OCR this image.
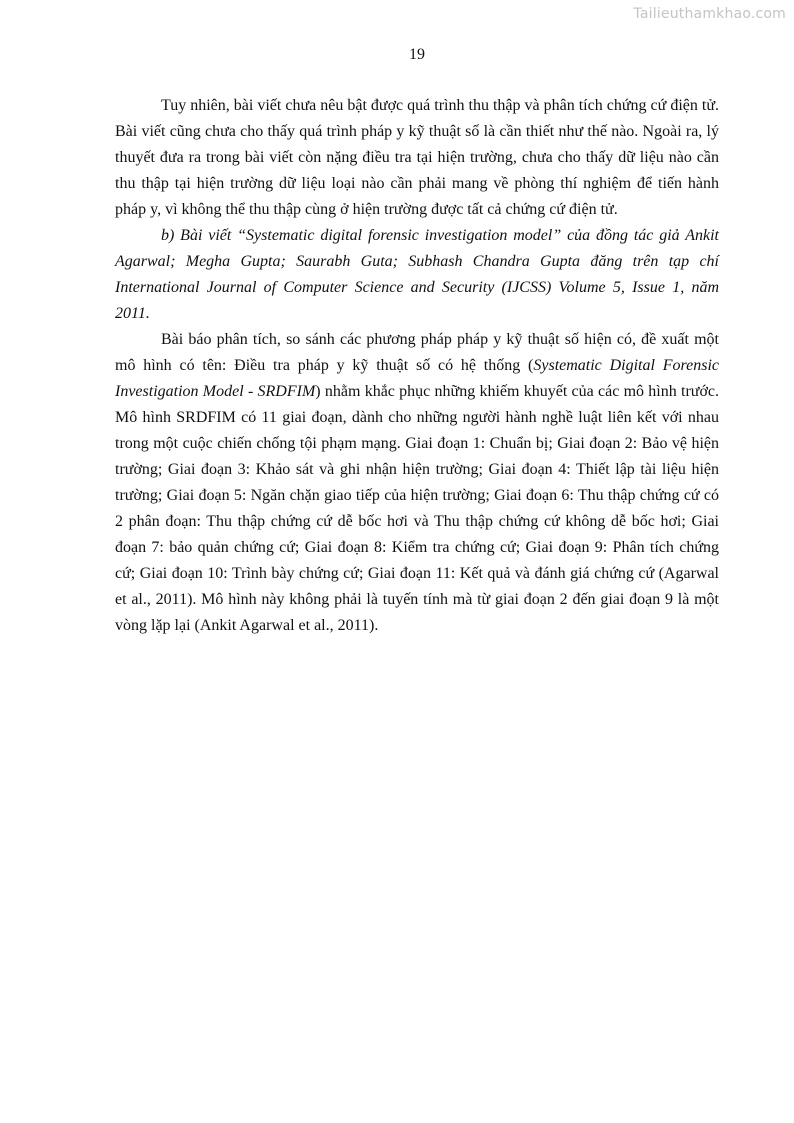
Tailieuthamkhao.com
19

Tuy nhiên, bài viết chưa nêu bật được quá trình thu thập và phân tích chứng cứ điện tử. Bài viết cũng chưa cho thấy quá trình pháp y kỹ thuật số là cần thiết như thế nào. Ngoài ra, lý thuyết đưa ra trong bài viết còn nặng điều tra tại hiện trường, chưa cho thấy dữ liệu nào cần thu thập tại hiện trường dữ liệu loại nào cần phải mang về phòng thí nghiệm để tiến hành pháp y, vì không thể thu thập cùng ở hiện trường được tất cả chứng cứ điện tử.

b) Bài viết “Systematic digital forensic investigation model” của đồng tác giả Ankit Agarwal; Megha Gupta; Saurabh Guta; Subhash Chandra Gupta đăng trên tạp chí International Journal of Computer Science and Security (IJCSS) Volume 5, Issue 1, năm 2011.

Bài báo phân tích, so sánh các phương pháp pháp y kỹ thuật số hiện có, đề xuất một mô hình có tên: Điều tra pháp y kỹ thuật số có hệ thống (Systematic Digital Forensic Investigation Model - SRDFIM) nhằm khắc phục những khiếm khuyết của các mô hình trước. Mô hình SRDFIM có 11 giai đoạn, dành cho những người hành nghề luật liên kết với nhau trong một cuộc chiến chống tội phạm mạng. Giai đoạn 1: Chuẩn bị; Giai đoạn 2: Bảo vệ hiện trường; Giai đoạn 3: Khảo sát và ghi nhận hiện trường; Giai đoạn 4: Thiết lập tài liệu hiện trường; Giai đoạn 5: Ngăn chặn giao tiếp của hiện trường; Giai đoạn 6: Thu thập chứng cứ có 2 phân đoạn: Thu thập chứng cứ dễ bốc hơi và Thu thập chứng cứ không dễ bốc hơi; Giai đoạn 7: bảo quản chứng cứ; Giai đoạn 8: Kiểm tra chứng cứ; Giai đoạn 9: Phân tích chứng cứ; Giai đoạn 10: Trình bày chứng cứ; Giai đoạn 11: Kết quả và đánh giá chứng cứ (Agarwal et al., 2011). Mô hình này không phải là tuyến tính mà từ giai đoạn 2 đến giai đoạn 9 là một vòng lặp lại (Ankit Agarwal et al., 2011).
